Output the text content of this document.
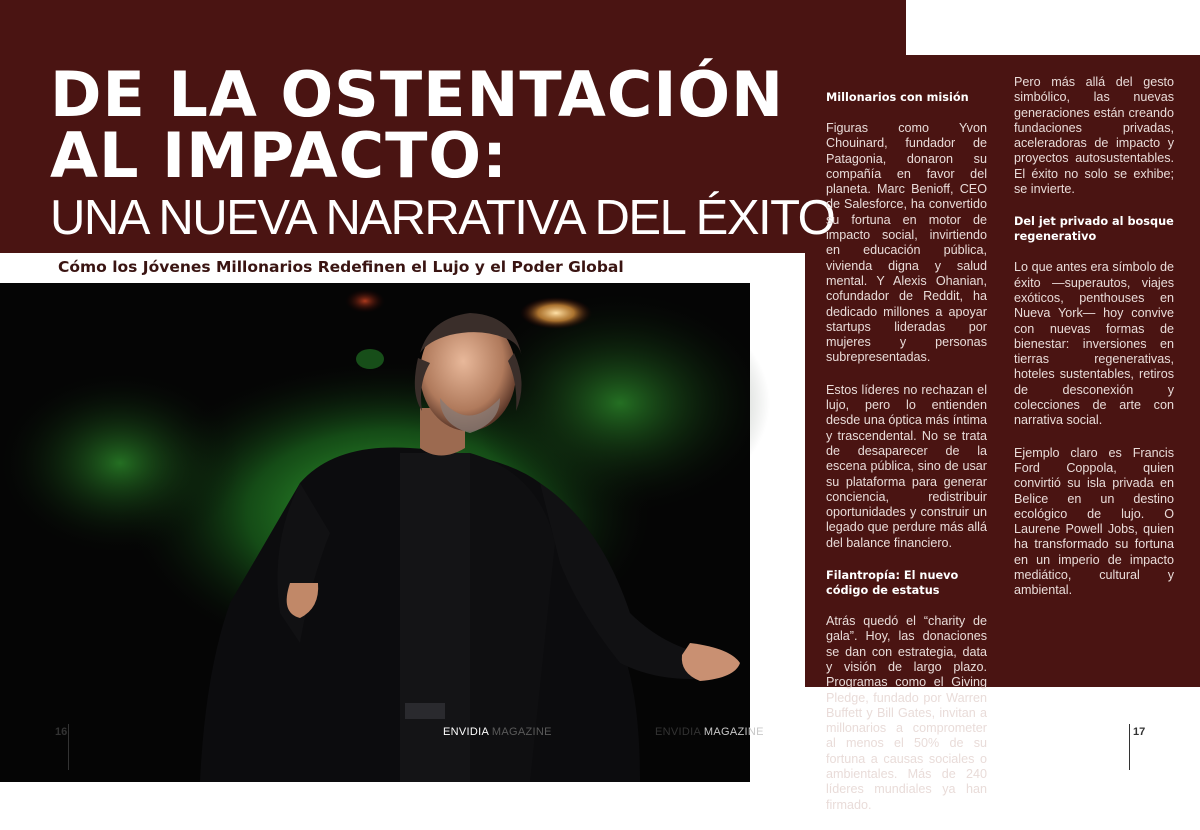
DE LA OSTENTACIÓN
AL IMPACTO:
UNA NUEVA NARRATIVA DEL ÉXITO
Cómo los Jóvenes Millonarios Redefinen el Lujo y el Poder Global
Millonarios con misión

Figuras como Yvon Chouinard, fundador de Patagonia, donaron su compañía en favor del planeta. Marc Benioff, CEO de Salesforce, ha convertido su fortuna en motor de impacto social, invirtiendo en educación pública, vivienda digna y salud mental. Y Alexis Ohanian, cofundador de Reddit, ha dedicado millones a apoyar startups lideradas por mujeres y personas subrepresentadas.

Estos líderes no rechazan el lujo, pero lo entienden desde una óptica más íntima y trascendental. No se trata de desaparecer de la escena pública, sino de usar su plataforma para generar conciencia, redistribuir oportunidades y construir un legado que perdure más allá del balance financiero.

Filantropía: El nuevo código de estatus

Atrás quedó el “charity de gala”. Hoy, las donaciones se dan con estrategia, data y visión de largo plazo. Programas como el Giving Pledge, fundado por Warren Buffett y Bill Gates, invitan a millonarios a comprometer al menos el 50% de su fortuna a causas sociales o ambientales. Más de 240 líderes mundiales ya han firmado.

Pero más allá del gesto simbólico, las nuevas generaciones están creando fundaciones privadas, aceleradoras de impacto y proyectos autosustentables. El éxito no solo se exhibe; se invierte.

Del jet privado al bosque regenerativo

Lo que antes era símbolo de éxito —superautos, viajes exóticos, penthouses en Nueva York— hoy convive con nuevas formas de bienestar: inversiones en tierras regenerativas, hoteles sustentables, retiros de desconexión y colecciones de arte con narrativa social.

Ejemplo claro es Francis Ford Coppola, quien convirtió su isla privada en Belice en un destino ecológico de lujo. O Laurene Powell Jobs, quien ha transformado su fortuna en un imperio de impacto mediático, cultural y ambiental.

16	ENVIDIA MAGAZINE	ENVIDIA MAGAZINE	17
